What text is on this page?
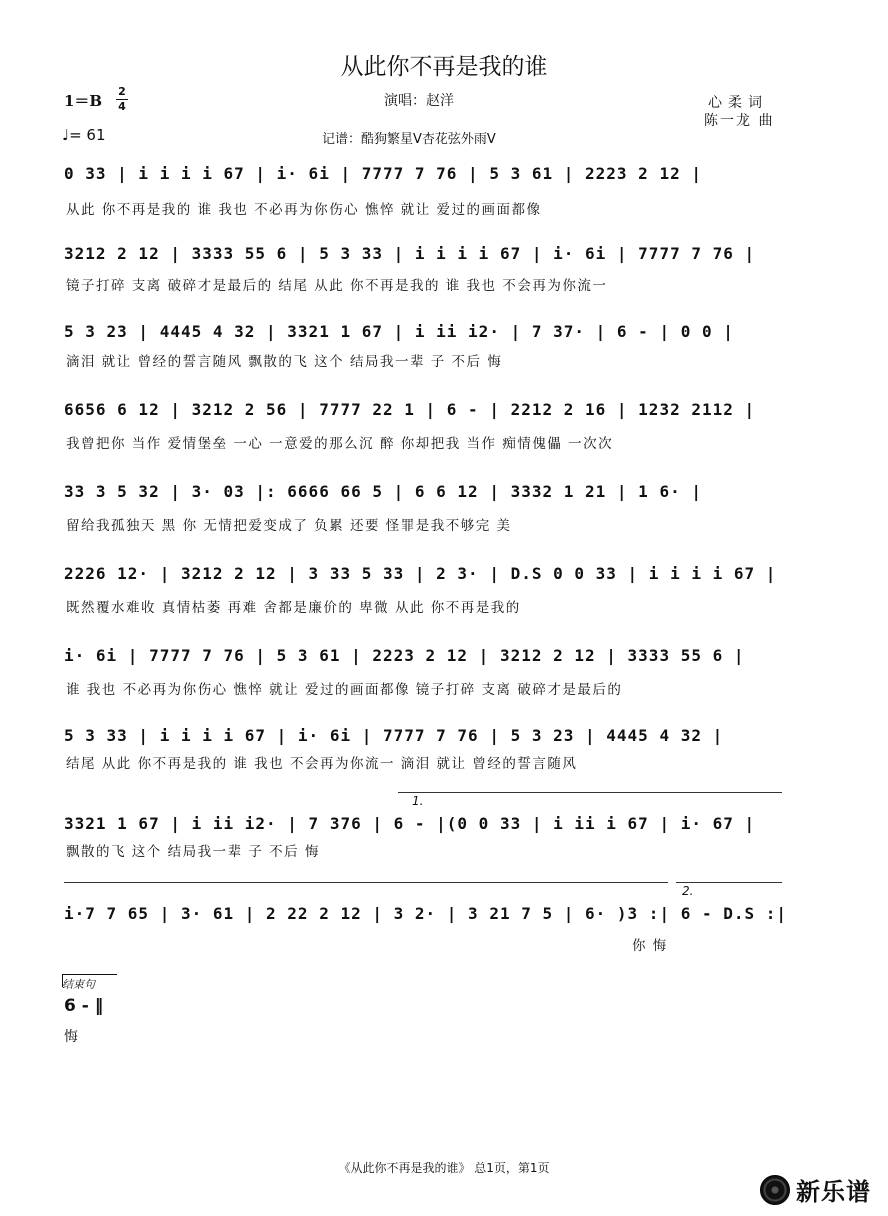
从此你不再是我的谁
1＝B
2
4
♩= 61
演唱：赵洋
记谱：酷狗繁星V杏花弦外雨V
心柔词
陈一龙 曲
0 33 | i i i i 67 | i· 6i | 7777 7 76 | 5 3 61 | 2223 2 12 |
从此 你不再是我的 谁 我也 不必再为你伤心 憔悴 就让 爱过的画面都像
3212 2 12 | 3333 55 6 | 5 3 33 | i i i i 67 | i· 6i | 7777 7 76 |
镜子打碎 支离 破碎才是最后的 结尾 从此 你不再是我的 谁 我也 不会再为你流一
5 3 23 | 4445 4 32 | 3321 1 67 | i ii i2· | 7 37· | 6 - | 0 0 |
滴泪 就让 曾经的誓言随风 飘散的飞 这个 结局我一辈 子 不后 悔
6656 6 12 | 3212 2 56 | 7777 22 1 | 6 - | 2212 2 16 | 1232 2112 |
我曾把你 当作 爱情堡垒 一心 一意爱的那么沉 醉 你却把我 当作 痴情傀儡 一次次
33 3 5 32 | 3· 03 |: 6666 66 5 | 6 6 12 | 3332 1 21 | 1 6· |
留给我孤独天 黑 你 无情把爱变成了 负累 还要 怪罪是我不够完 美
2226 12· | 3212 2 12 | 3 33 5 33 | 2 3· | D.S 0 0 33 | i i i i 67 |
既然覆水难收 真情枯萎 再难 舍都是廉价的 卑微 从此 你不再是我的
i· 6i | 7777 7 76 | 5 3 61 | 2223 2 12 | 3212 2 12 | 3333 55 6 |
谁 我也 不必再为你伤心 憔悴 就让 爱过的画面都像 镜子打碎 支离 破碎才是最后的
5 3 33 | i i i i 67 | i· 6i | 7777 7 76 | 5 3 23 | 4445 4 32 |
结尾 从此 你不再是我的 谁 我也 不会再为你流一 滴泪 就让 曾经的誓言随风
1.
3321 1 67 | i ii i2· | 7 376 | 6 - |(0 0 33 | i ii i 67 | i· 67 |
飘散的飞 这个 结局我一辈 子 不后 悔
2.
i·7 7 65 | 3· 61 | 2 22 2 12 | 3 2· | 3 21 7 5 | 6· )3 :| 6 - D.S :|
你 悔
结束句
6 - ‖
悔
《从此你不再是我的谁》 总1页，第1页
新乐谱
